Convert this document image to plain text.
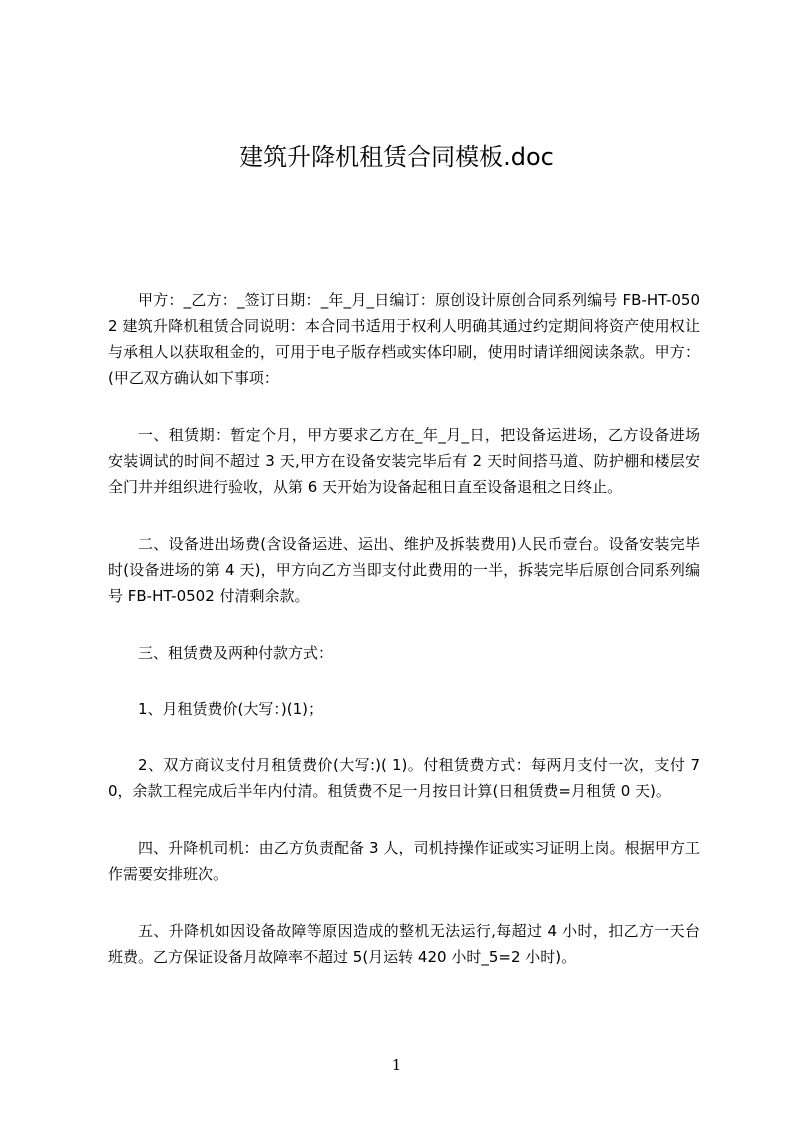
建筑升降机租赁合同模板.doc

甲方：_乙方：_签订日期：_年_月_日编订：原创设计原创合同系列编号 FB-HT-0502 建筑升降机租赁合同说明：本合同书适用于权利人明确其通过约定期间将资产使用权让与承租人以获取租金的，可用于电子版存档或实体印刷，使用时请详细阅读条款。甲方：(甲乙双方确认如下事项：

一、租赁期：暂定个月，甲方要求乙方在_年_月_日，把设备运进场，乙方设备进场安装调试的时间不超过 3 天,甲方在设备安装完毕后有 2 天时间搭马道、防护棚和楼层安全门井并组织进行验收，从第 6 天开始为设备起租日直至设备退租之日终止。

二、设备进出场费(含设备运进、运出、维护及拆装费用)人民币壹台。设备安装完毕时(设备进场的第 4 天)，甲方向乙方当即支付此费用的一半，拆装完毕后原创合同系列编号 FB-HT-0502 付清剩余款。

三、租赁费及两种付款方式：

1、月租赁费价(大写：)(1)；

2、双方商议支付月租赁费价(大写:)( 1)。付租赁费方式：每两月支付一次，支付 70，余款工程完成后半年内付清。租赁费不足一月按日计算(日租赁费=月租赁 0 天)。

四、升降机司机：由乙方负责配备 3 人，司机持操作证或实习证明上岗。根据甲方工作需要安排班次。

五、升降机如因设备故障等原因造成的整机无法运行,每超过 4 小时，扣乙方一天台班费。乙方保证设备月故障率不超过 5(月运转 420 小时_5=2 小时)。

1
